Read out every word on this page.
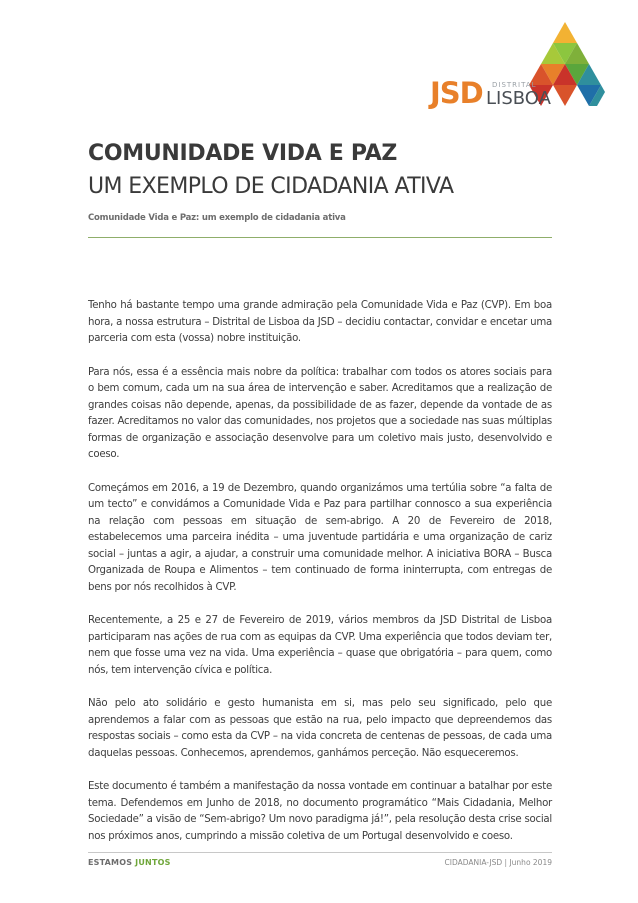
JSD DISTRITAL
LISBOA
COMUNIDADE VIDA E PAZ
UM EXEMPLO DE CIDADANIA ATIVA
Comunidade Vida e Paz: um exemplo de cidadania ativa

Tenho há bastante tempo uma grande admiração pela Comunidade Vida e Paz (CVP). Em boa hora, a nossa estrutura – Distrital de Lisboa da JSD – decidiu contactar, convidar e encetar uma parceria com esta (vossa) nobre instituição.

Para nós, essa é a essência mais nobre da política: trabalhar com todos os atores sociais para o bem comum, cada um na sua área de intervenção e saber. Acreditamos que a realização de grandes coisas não depende, apenas, da possibilidade de as fazer, depende da vontade de as fazer. Acreditamos no valor das comunidades, nos projetos que a sociedade nas suas múltiplas formas de organização e associação desenvolve para um coletivo mais justo, desenvolvido e coeso.

Começámos em 2016, a 19 de Dezembro, quando organizámos uma tertúlia sobre “a falta de um tecto” e convidámos a Comunidade Vida e Paz para partilhar connosco a sua experiência na relação com pessoas em situação de sem-abrigo. A 20 de Fevereiro de 2018, estabelecemos uma parceira inédita – uma juventude partidária e uma organização de cariz social – juntas a agir, a ajudar, a construir uma comunidade melhor. A iniciativa BORA – Busca Organizada de Roupa e Alimentos – tem continuado de forma ininterrupta, com entregas de bens por nós recolhidos à CVP.

Recentemente, a 25 e 27 de Fevereiro de 2019, vários membros da JSD Distrital de Lisboa participaram nas ações de rua com as equipas da CVP. Uma experiência que todos deviam ter, nem que fosse uma vez na vida. Uma experiência – quase que obrigatória – para quem, como nós, tem intervenção cívica e política.

Não pelo ato solidário e gesto humanista em si, mas pelo seu significado, pelo que aprendemos a falar com as pessoas que estão na rua, pelo impacto que depreendemos das respostas sociais – como esta da CVP – na vida concreta de centenas de pessoas, de cada uma daquelas pessoas. Conhecemos, aprendemos, ganhámos perceção. Não esqueceremos.

Este documento é também a manifestação da nossa vontade em continuar a batalhar por este tema. Defendemos em Junho de 2018, no documento programático “Mais Cidadania, Melhor Sociedade” a visão de “Sem-abrigo? Um novo paradigma já!”, pela resolução desta crise social nos próximos anos, cumprindo a missão coletiva de um Portugal desenvolvido e coeso.

ESTAMOS JUNTOS	CIDADANIA-JSD | Junho 2019
